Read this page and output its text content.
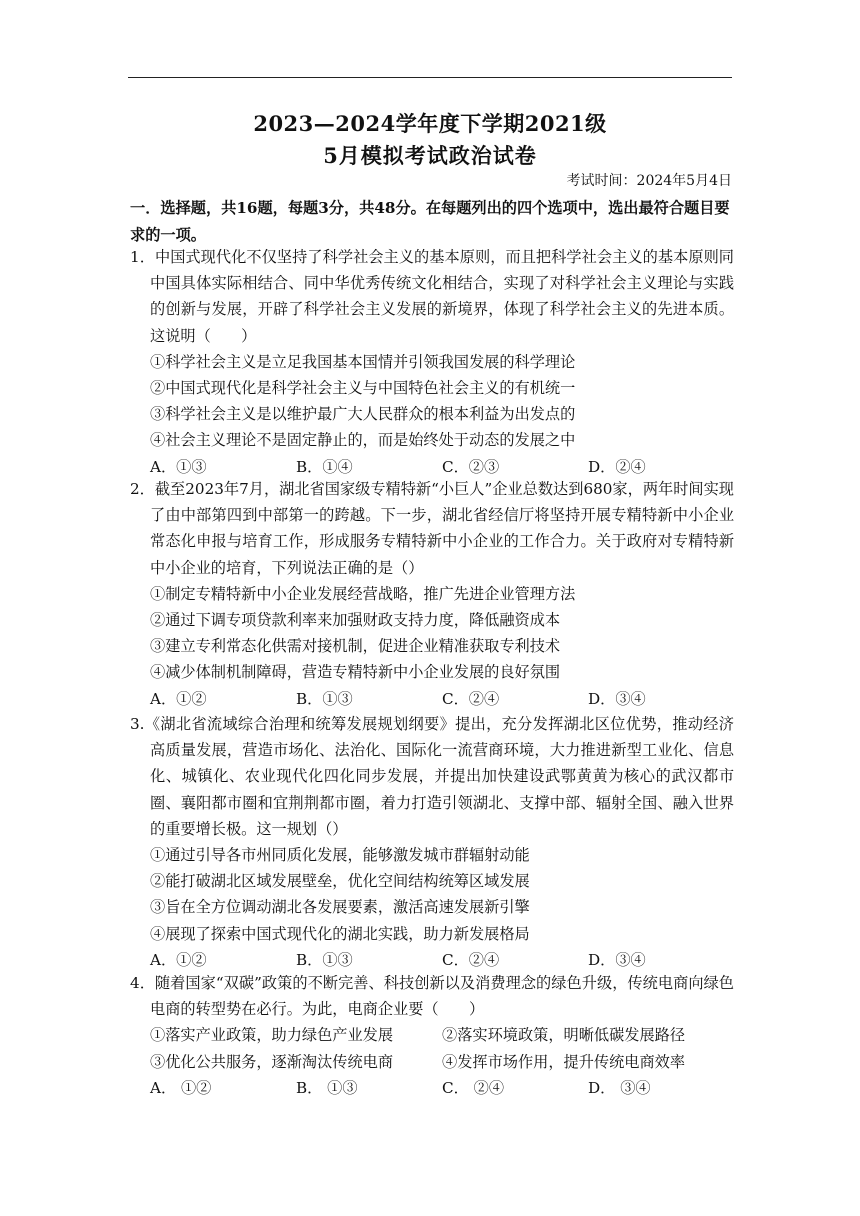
2023—2024学年度下学期2021级
5月模拟考试政治试卷
考试时间：2024年5月4日
一．选择题，共16题，每题3分，共48分。在每题列出的四个选项中，选出最符合题目要求的一项。
1．中国式现代化不仅坚持了科学社会主义的基本原则，而且把科学社会主义的基本原则同中国具体实际相结合、同中华优秀传统文化相结合，实现了对科学社会主义理论与实践的创新与发展，开辟了科学社会主义发展的新境界，体现了科学社会主义的先进本质。这说明（　　）
①科学社会主义是立足我国基本国情并引领我国发展的科学理论
②中国式现代化是科学社会主义与中国特色社会主义的有机统一
③科学社会主义是以维护最广大人民群众的根本利益为出发点的
④社会主义理论不是固定静止的，而是始终处于动态的发展之中
A．①③	B．①④	C．②③	D．②④
2．截至2023年7月，湖北省国家级专精特新“小巨人”企业总数达到680家，两年时间实现了由中部第四到中部第一的跨越。下一步，湖北省经信厅将坚持开展专精特新中小企业常态化申报与培育工作，形成服务专精特新中小企业的工作合力。关于政府对专精特新中小企业的培育，下列说法正确的是（）
①制定专精特新中小企业发展经营战略，推广先进企业管理方法
②通过下调专项贷款利率来加强财政支持力度，降低融资成本
③建立专利常态化供需对接机制，促进企业精准获取专利技术
④减少体制机制障碍，营造专精特新中小企业发展的良好氛围
A．①②	B．①③	C．②④	D．③④
3.《湖北省流域综合治理和统筹发展规划纲要》提出，充分发挥湖北区位优势，推动经济高质量发展，营造市场化、法治化、国际化一流营商环境，大力推进新型工业化、信息化、城镇化、农业现代化四化同步发展，并提出加快建设武鄂黄黄为核心的武汉都市圈、襄阳都市圈和宜荆荆都市圈，着力打造引领湖北、支撑中部、辐射全国、融入世界的重要增长极。这一规划（）
①通过引导各市州同质化发展，能够激发城市群辐射动能
②能打破湖北区域发展壁垒，优化空间结构统筹区域发展
③旨在全方位调动湖北各发展要素，激活高速发展新引擎
④展现了探索中国式现代化的湖北实践，助力新发展格局
A．①②	B．①③	C．②④	D．③④
4．随着国家“双碳”政策的不断完善、科技创新以及消费理念的绿色升级，传统电商向绿色电商的转型势在必行。为此，电商企业要（　　）
①落实产业政策，助力绿色产业发展	②落实环境政策，明晰低碳发展路径
③优化公共服务，逐渐淘汰传统电商	④发挥市场作用，提升传统电商效率
A． ①②	B． ①③	C． ②④	D． ③④
